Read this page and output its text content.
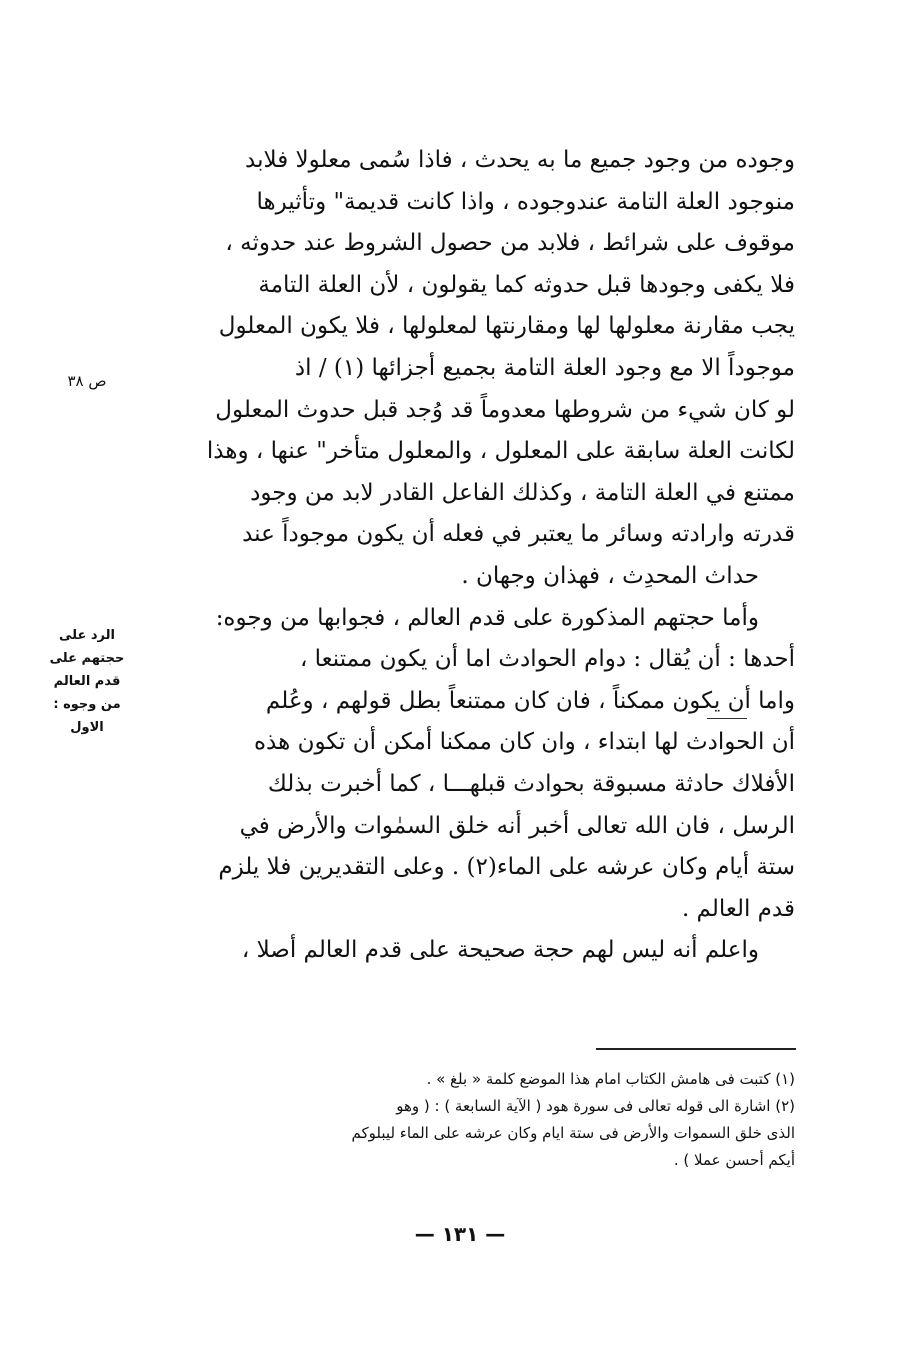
وجوده من وجود جميع ما به يحدث ، فاذا سُمى معلولا فلابد
منوجود العلة التامة عندوجوده ، واذا كانت قديمة" وتأثيرها
موقوف على شرائط ، فلابد من حصول الشروط عند حدوثه ،
فلا يكفى وجودها قبل حدوثه كما يقولون ، لأن العلة التامة
يجب مقارنة معلولها لها ومقارنتها لمعلولها ، فلا يكون المعلول
موجوداً الا مع وجود العلة التامة بجميع أجزائها (١) / اذ
لو كان شيء من شروطها معدوماً قد وُجد قبل حدوث المعلول
لكانت العلة سابقة على المعلول ، والمعلول متأخر" عنها ، وهذا
ممتنع في العلة التامة ، وكذلك الفاعل القادر لابد من وجود
قدرته وارادته وسائر ما يعتبر في فعله أن يكون موجوداً عند
حداث المحدِث ، فهذان وجهان .
وأما حجتهم المذكورة على قدم العالم ، فجوابها من وجوه:
أحدها : أن يُقال : دوام الحوادث اما أن يكون ممتنعا ،
واما أن يكون ممكناً ، فان كان ممتنعاً بطل قولهم ، وعُلم
أن الحوادث لها ابتداء ، وان كان ممكنا أمكن أن تكون هذه
الأفلاك حادثة مسبوقة بحوادث قبلهـــا ، كما أخبرت بذلك
الرسل ، فان الله تعالى أخبر أنه خلق السمٰوات والأرض في
ستة أيام وكان عرشه على الماء(٢) . وعلى التقديرين فلا يلزم
قدم العالم .
واعلم أنه ليس لهم حجة صحيحة على قدم العالم أصلا ،
ص ٣٨
الرد على
حجتهم على
قدم العالم
من وجوه :
الاول
(١) كتبت فى هامش الكتاب امام هذا الموضع كلمة « بلغ » .
(٢) اشارة الى قوله تعالى فى سورة هود ( الآية السابعة ) : ( وهو
الذى خلق السموات والأرض فى ستة ايام وكان عرشه على الماء ليبلوكم
أيكم أحسن عملا ) .
— ١٣١ —
